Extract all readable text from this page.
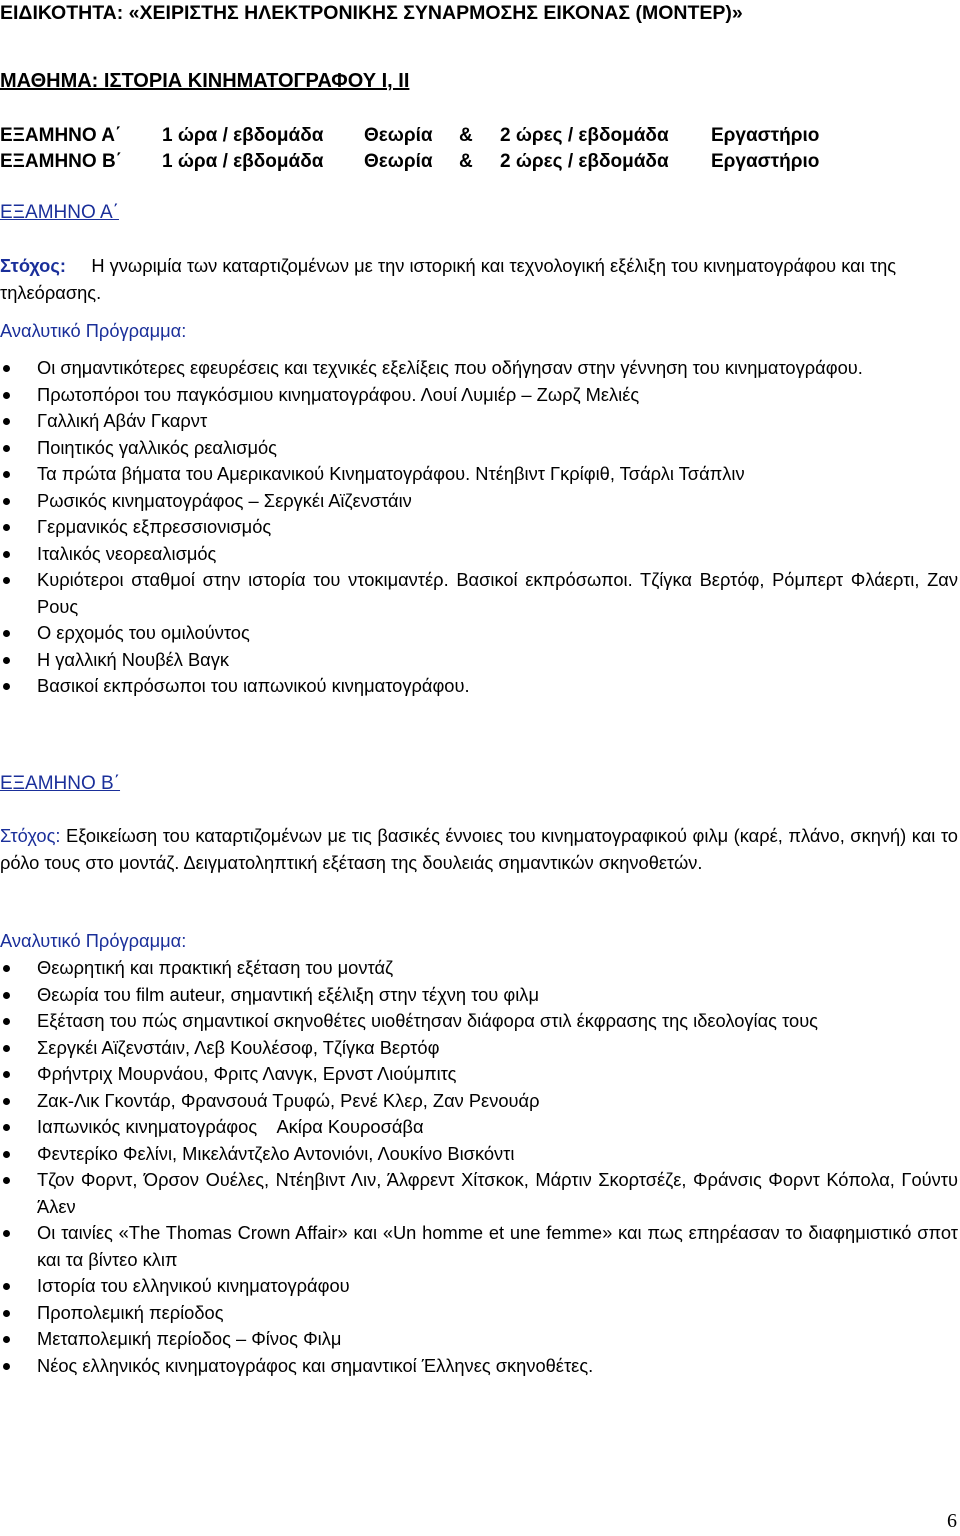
ΕΙΔΙΚΟΤΗΤΑ: «ΧΕΙΡΙΣΤΗΣ ΗΛΕΚΤΡΟΝΙΚΗΣ ΣΥΝΑΡΜΟΣΗΣ ΕΙΚΟΝΑΣ (ΜΟΝΤΕΡ)»
ΜΑΘΗΜΑ: ΙΣΤΟΡΙΑ ΚΙΝΗΜΑΤΟΓΡΑΦΟΥ Ι, ΙΙ
ΕΞΑΜΗΝΟ Α΄ 1 ώρα / εβδομάδα Θεωρία & 2 ώρες / εβδομάδα Εργαστήριο
ΕΞΑΜΗΝΟ Β΄ 1 ώρα / εβδομάδα Θεωρία & 2 ώρες / εβδομάδα Εργαστήριο
ΕΞΑΜΗΝΟ Α΄
Στόχος: Η γνωριμία των καταρτιζομένων με την ιστορική και τεχνολογική εξέλιξη του κινηματογράφου και της τηλεόρασης.
Αναλυτικό Πρόγραμμα:
Οι σημαντικότερες εφευρέσεις και τεχνικές εξελίξεις που οδήγησαν στην γέννηση του κινηματογράφου.
Πρωτοπόροι του παγκόσμιου κινηματογράφου. Λουί Λυμιέρ – Ζωρζ Μελιές
Γαλλική Αβάν Γκαρντ
Ποιητικός γαλλικός ρεαλισμός
Τα πρώτα βήματα του Αμερικανικού Κινηματογράφου. Ντέηβιντ Γκρίφιθ, Τσάρλι Τσάπλιν
Ρωσικός κινηματογράφος – Σεργκέι Αϊζενστάιν
Γερμανικός εξπρεσσιονισμός
Ιταλικός νεορεαλισμός
Κυριότεροι σταθμοί στην ιστορία του ντοκιμαντέρ. Βασικοί εκπρόσωποι. Τζίγκα Βερτόφ, Ρόμπερτ Φλάερτι, Ζαν Ρους
Ο ερχομός του ομιλούντος
Η γαλλική Νουβέλ Βαγκ
Βασικοί εκπρόσωποι του ιαπωνικού κινηματογράφου.
ΕΞΑΜΗΝΟ Β΄
Στόχος: Εξοικείωση του καταρτιζομένων με τις βασικές έννοιες του κινηματογραφικού φιλμ (καρέ, πλάνο, σκηνή) και το ρόλο τους στο μοντάζ. Δειγματοληπτική εξέταση της δουλειάς σημαντικών σκηνοθετών.
Αναλυτικό Πρόγραμμα:
Θεωρητική και πρακτική εξέταση του μοντάζ
Θεωρία του film auteur, σημαντική εξέλιξη στην τέχνη του φιλμ
Εξέταση του πώς σημαντικοί σκηνοθέτες υιοθέτησαν διάφορα στιλ έκφρασης της ιδεολογίας τους
Σεργκέι Αϊζενστάιν, Λεβ Κουλέσοφ, Τζίγκα Βερτόφ
Φρήντριχ Μουρνάου, Φριτς Λανγκ, Ερνστ Λιούμπιτς
Ζακ-Λικ Γκοντάρ, Φρανσουά Τρυφώ, Ρενέ Κλερ, Ζαν Ρενουάρ
Ιαπωνικός κινηματογράφος    Ακίρα Κουροσάβα
Φεντερίκο Φελίνι, Μικελάντζελο Αντονιόνι, Λουκίνο Βισκόντι
Τζον Φορντ, Όρσον Ουέλες, Ντέηβιντ Λιν, Άλφρεντ Χίτσκοκ, Μάρτιν Σκορτσέζε, Φράνσις Φορντ Κόπολα, Γούντυ Άλεν
Οι ταινίες «The Thomas Crown Affair» και «Un homme et une femme» και πως επηρέασαν το διαφημιστικό σποτ και τα βίντεο κλιπ
Ιστορία του ελληνικού κινηματογράφου
Προπολεμική περίοδος
Μεταπολεμική περίοδος – Φίνος Φιλμ
Νέος ελληνικός κινηματογράφος και σημαντικοί Έλληνες σκηνοθέτες.
6
